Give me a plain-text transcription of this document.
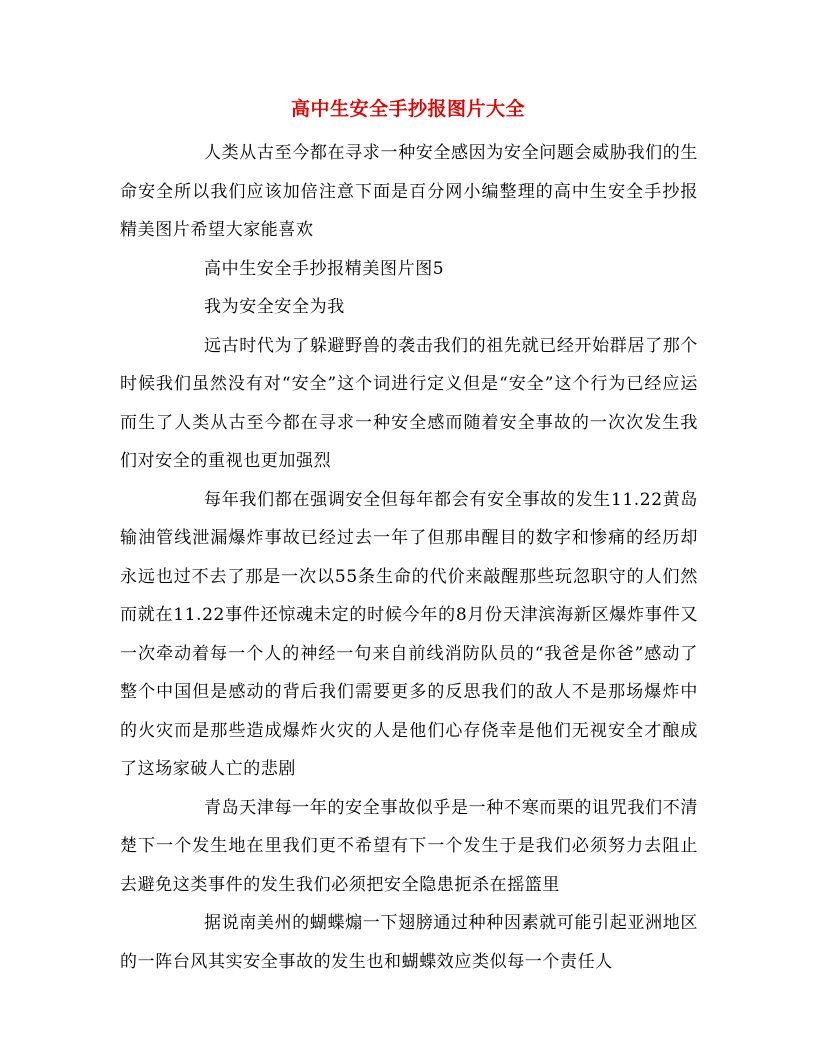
高中生安全手抄报图片大全

人类从古至今都在寻求一种安全感因为安全问题会威胁我们的生命安全所以我们应该加倍注意下面是百分网小编整理的高中生安全手抄报精美图片希望大家能喜欢

高中生安全手抄报精美图片图5

我为安全安全为我

远古时代为了躲避野兽的袭击我们的祖先就已经开始群居了那个时候我们虽然没有对“安全”这个词进行定义但是“安全”这个行为已经应运而生了人类从古至今都在寻求一种安全感而随着安全事故的一次次发生我们对安全的重视也更加强烈

每年我们都在强调安全但每年都会有安全事故的发生11.22黄岛输油管线泄漏爆炸事故已经过去一年了但那串醒目的数字和惨痛的经历却永远也过不去了那是一次以55条生命的代价来敲醒那些玩忽职守的人们然而就在11.22事件还惊魂未定的时候今年的8月份天津滨海新区爆炸事件又一次牵动着每一个人的神经一句来自前线消防队员的“我爸是你爸”感动了整个中国但是感动的背后我们需要更多的反思我们的敌人不是那场爆炸中的火灾而是那些造成爆炸火灾的人是他们心存侥幸是他们无视安全才酿成了这场家破人亡的悲剧

青岛天津每一年的安全事故似乎是一种不寒而栗的诅咒我们不清楚下一个发生地在里我们更不希望有下一个发生于是我们必须努力去阻止去避免这类事件的发生我们必须把安全隐患扼杀在摇篮里

据说南美州的蝴蝶煽一下翅膀通过种种因素就可能引起亚洲地区的一阵台风其实安全事故的发生也和蝴蝶效应类似每一个责任人
